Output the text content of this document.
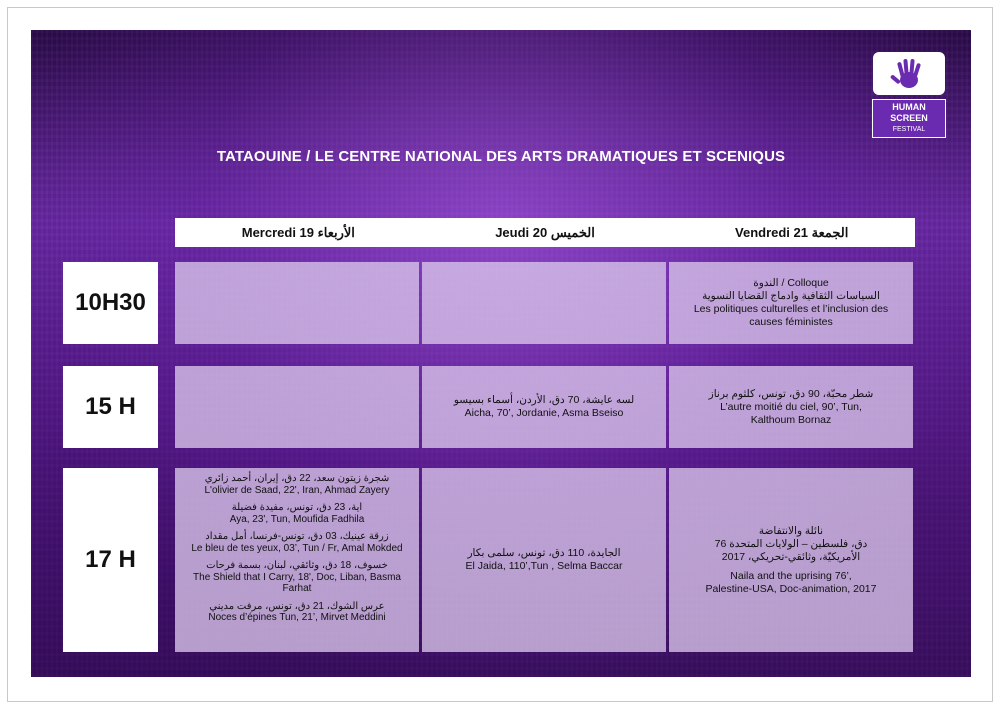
HUMAN SCREEN
FESTIVAL
TATAOUINE / LE CENTRE NATIONAL DES ARTS DRAMATIQUES ET SCENIQUS
Mercredi 19 الأربعاء	Jeudi 20 الخميس	Vendredi 21 الجمعة
10H30
15 H
17 H
الندوة / Colloque
السياسات الثقافية وادماج القضايا النسوية
Les politiques culturelles et l’inclusion des
causes féministes
لسه عايشة، 70 دق، الأردن، أسماء بسيسو
Aicha, 70’, Jordanie, Asma Bseiso
شطر محبّة، 90 دق، تونس، كلثوم برناز
L’autre moitié du ciel, 90’, Tun,
Kalthoum Bornaz
شجرة زيتون سعد، 22 دق، إيران، أحمد زائري
L'olivier de Saad, 22', Iran, Ahmad Zayery
اية، 23 دق، تونس، مفيدة فضيلة
Aya, 23', Tun, Moufida Fadhila
زرقة عينيك، 03 دق، تونس-فرنسا، أمل مقداد
Le bleu de tes yeux, 03’, Tun / Fr, Amal Mokded
خسوف، 18 دق، وثائقي، لبنان، بسمة فرحات
The Shield that I Carry, 18', Doc, Liban, Basma
Farhat
عرس الشوك، 21 دق، تونس، مرفت مديني
Noces d’épines Tun, 21’, Mirvet Meddini
الجايدة، 110 دق، تونس، سلمى بكار
El Jaida, 110’,Tun , Selma Baccar
نائلة والانتفاضة
76 دق، فلسطين – الولايات المتحدة
الأمريكيّة، وثائقي-تحريكي، 2017
Naila and the uprising 76’,
Palestine-USA, Doc-animation, 2017
